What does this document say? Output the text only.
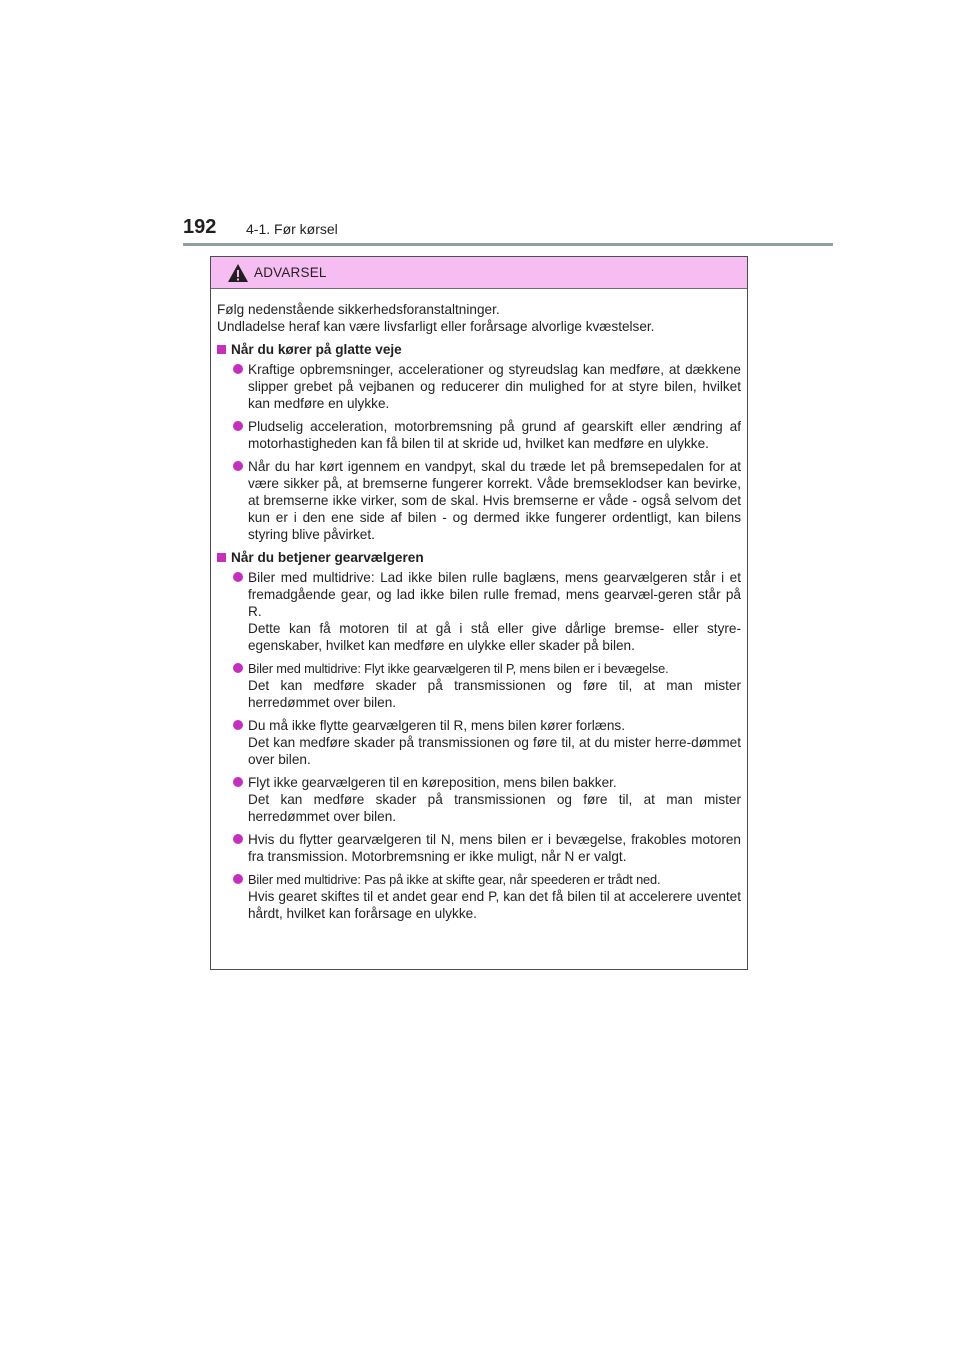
192 4-1. Før kørsel
ADVARSEL

Følg nedenstående sikkerhedsforanstaltninger.

Undladelse heraf kan være livsfarligt eller forårsage alvorlige kvæstelser.

Når du kører på glatte veje

Kraftige opbremsninger, accelerationer og styreudslag kan medføre, at dækkene slipper grebet på vejbanen og reducerer din mulighed for at styre bilen, hvilket kan medføre en ulykke.

Pludselig acceleration, motorbremsning på grund af gearskift eller ændring af motorhastigheden kan få bilen til at skride ud, hvilket kan medføre en ulykke.

Når du har kørt igennem en vandpyt, skal du træde let på bremsepedalen for at være sikker på, at bremserne fungerer korrekt. Våde bremseklodser kan bevirke, at bremserne ikke virker, som de skal. Hvis bremserne er våde - også selvom det kun er i den ene side af bilen - og dermed ikke fungerer ordentligt, kan bilens styring blive påvirket.

Når du betjener gearvælgeren

Biler med multidrive: Lad ikke bilen rulle baglæns, mens gearvælgeren står i et fremadgående gear, og lad ikke bilen rulle fremad, mens gearvæl-geren står på R.

Dette kan få motoren til at gå i stå eller give dårlige bremse- eller styre-egenskaber, hvilket kan medføre en ulykke eller skader på bilen.

Biler med multidrive: Flyt ikke gearvælgeren til P, mens bilen er i bevægelse.

Det kan medføre skader på transmissionen og føre til, at man mister herredømmet over bilen.

Du må ikke flytte gearvælgeren til R, mens bilen kører forlæns.

Det kan medføre skader på transmissionen og føre til, at du mister herre-dømmet over bilen.

Flyt ikke gearvælgeren til en køreposition, mens bilen bakker.

Det kan medføre skader på transmissionen og føre til, at man mister herredømmet over bilen.

Hvis du flytter gearvælgeren til N, mens bilen er i bevægelse, frakobles motoren fra transmission. Motorbremsning er ikke muligt, når N er valgt.

Biler med multidrive: Pas på ikke at skifte gear, når speederen er trådt ned.

Hvis gearet skiftes til et andet gear end P, kan det få bilen til at accelerere uventet hårdt, hvilket kan forårsage en ulykke.
